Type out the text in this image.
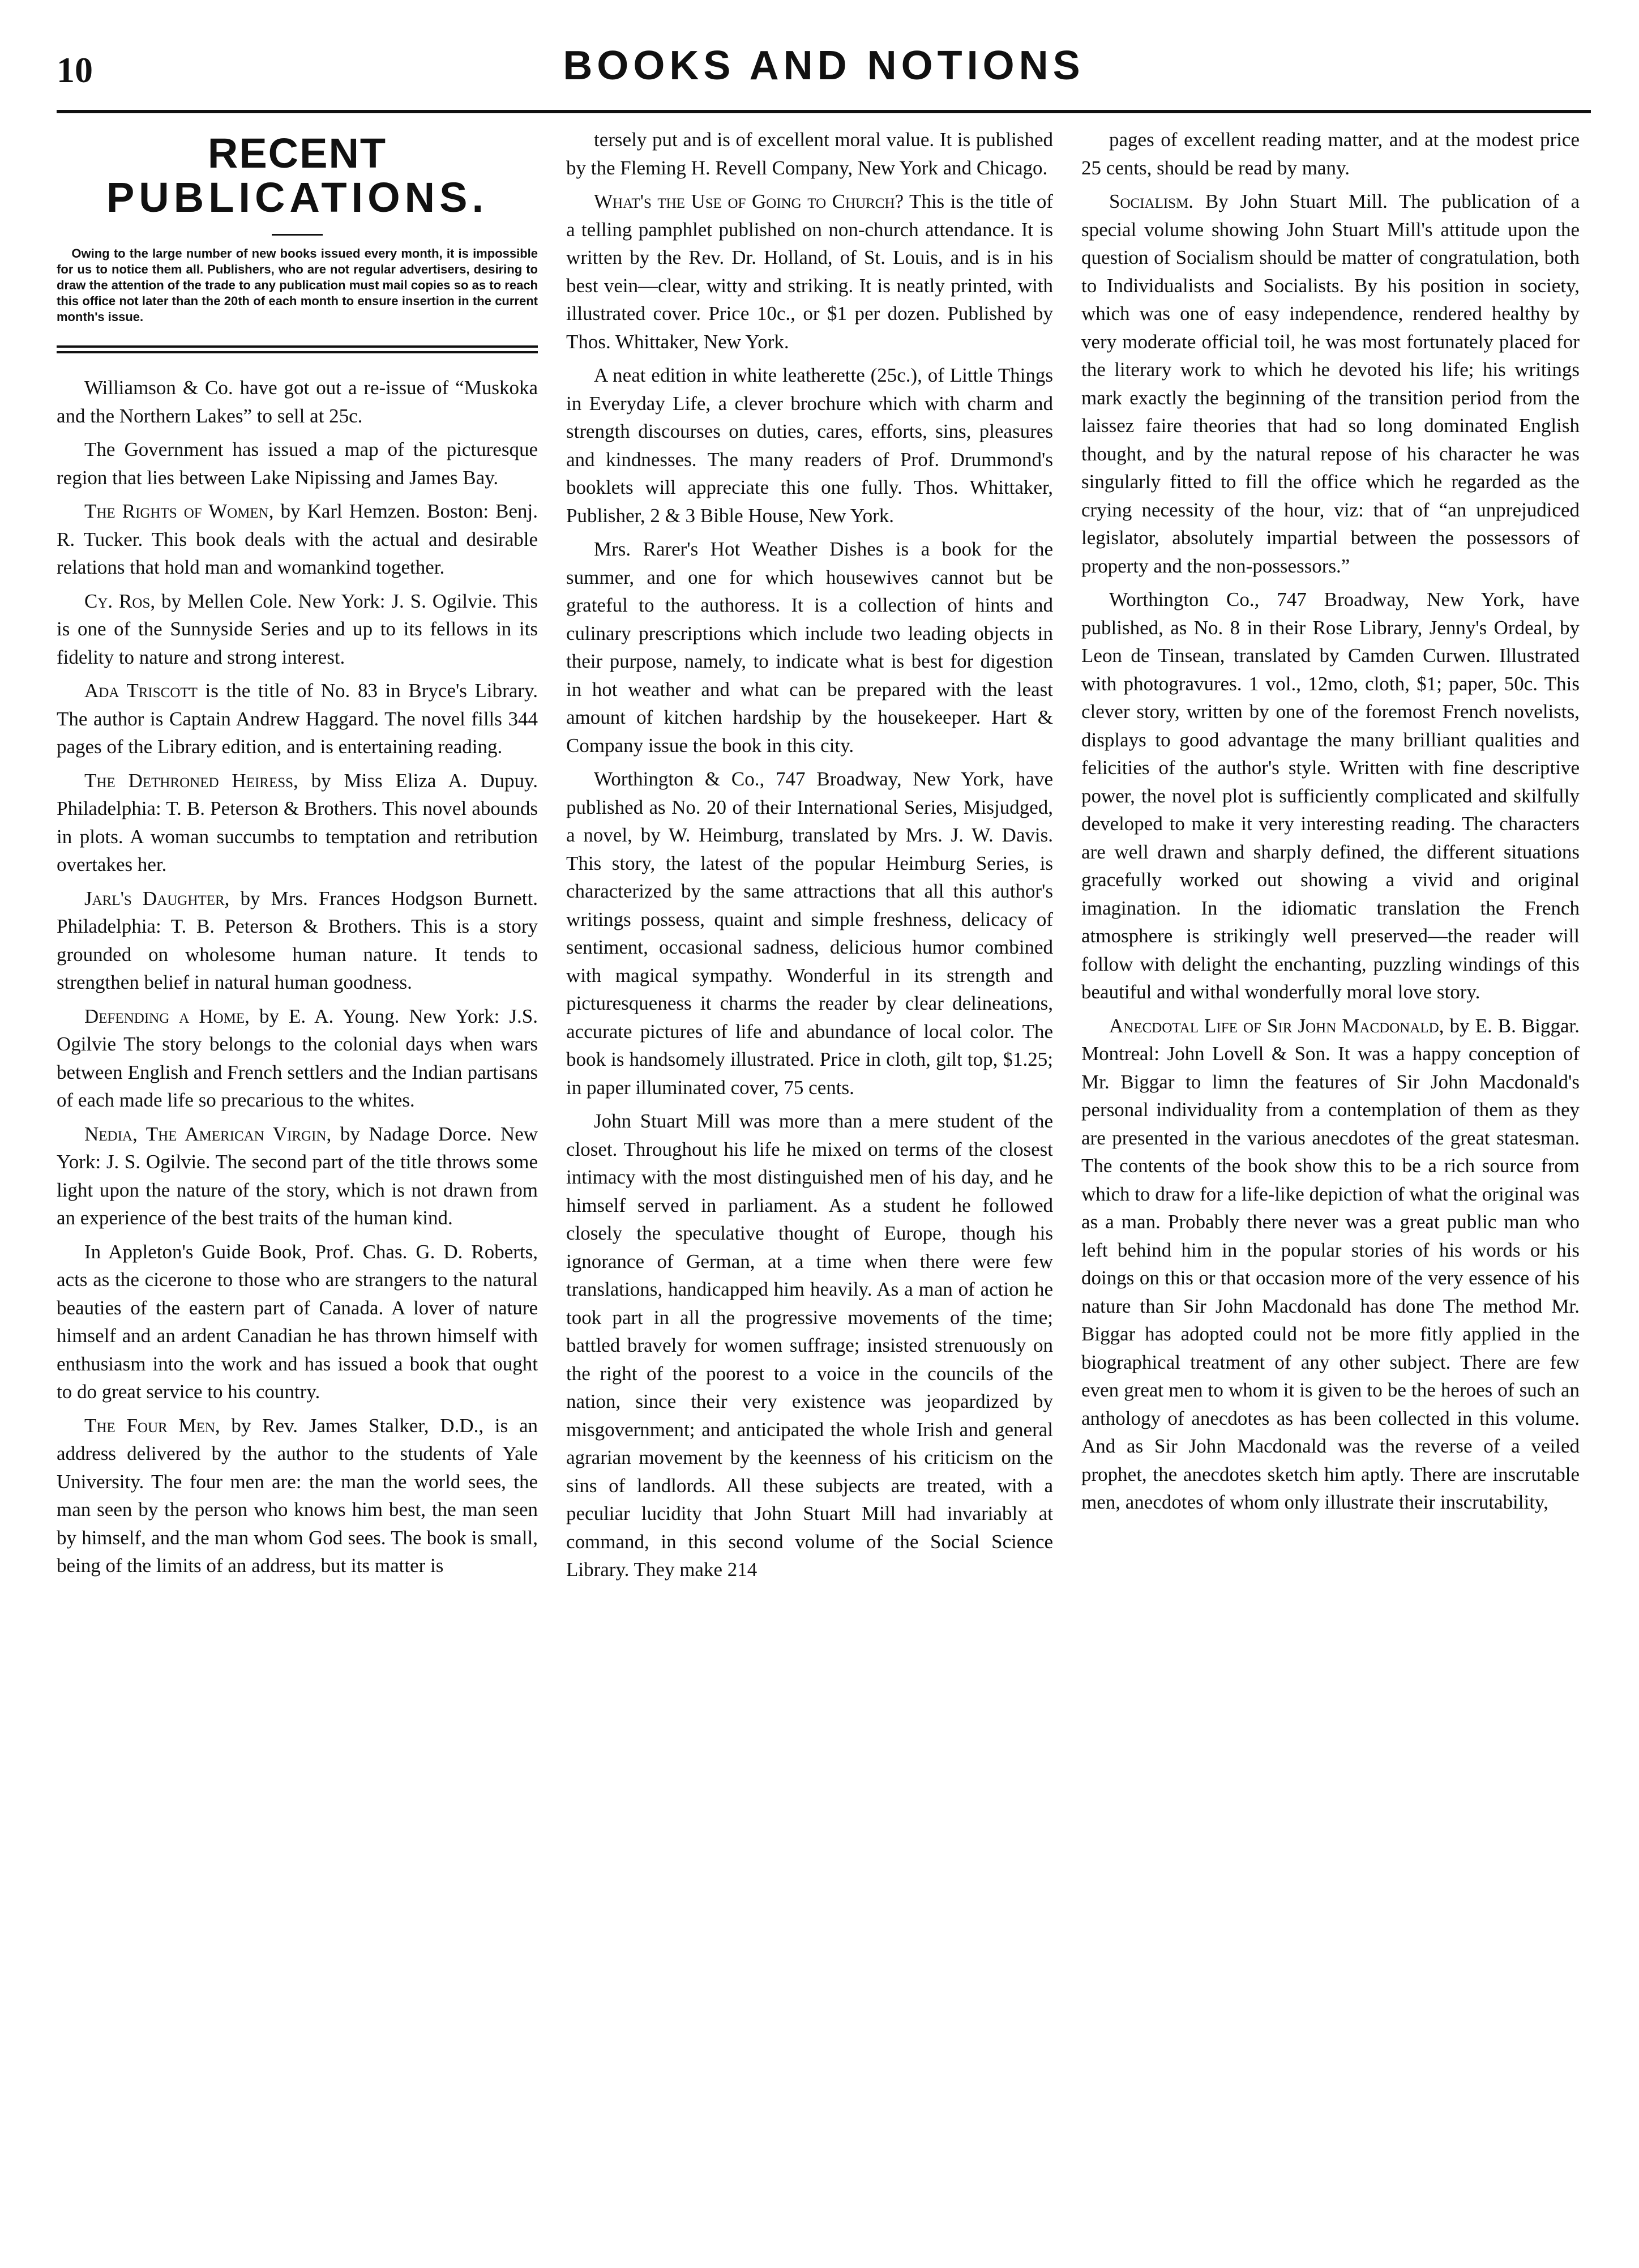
10	BOOKS AND NOTIONS
RECENT
PUBLICATIONS.
Owing to the large number of new books issued every month, it is impossible for us to notice them all. Publishers, who are not regular advertisers, desiring to draw the attention of the trade to any publication must mail copies so as to reach this office not later than the 20th of each month to ensure insertion in the current month's issue.

Williamson & Co. have got out a re-issue of “Muskoka and the Northern Lakes” to sell at 25c.

The Government has issued a map of the picturesque region that lies between Lake Nipissing and James Bay.

The Rights of Women, by Karl Hemzen. Boston: Benj. R. Tucker. This book deals with the actual and desirable relations that hold man and womankind together.

Cy. Ros, by Mellen Cole. New York: J. S. Ogilvie. This is one of the Sunnyside Series and up to its fellows in its fidelity to nature and strong interest.

Ada Triscott is the title of No. 83 in Bryce's Library. The author is Captain Andrew Haggard. The novel fills 344 pages of the Library edition, and is entertaining reading.

The Dethroned Heiress, by Miss Eliza A. Dupuy. Philadelphia: T. B. Peterson & Brothers. This novel abounds in plots. A woman succumbs to temptation and retribution overtakes her.

Jarl's Daughter, by Mrs. Frances Hodgson Burnett. Philadelphia: T. B. Peterson & Brothers. This is a story grounded on wholesome human nature. It tends to strengthen belief in natural human goodness.

Defending a Home, by E. A. Young. New York: J.S. Ogilvie The story belongs to the colonial days when wars between English and French settlers and the Indian partisans of each made life so precarious to the whites.

Nedia, The American Virgin, by Nadage Dorce. New York: J. S. Ogilvie. The second part of the title throws some light upon the nature of the story, which is not drawn from an experience of the best traits of the human kind.

In Appleton's Guide Book, Prof. Chas. G. D. Roberts, acts as the cicerone to those who are strangers to the natural beauties of the eastern part of Canada. A lover of nature himself and an ardent Canadian he has thrown himself with enthusiasm into the work and has issued a book that ought to do great service to his country.

The Four Men, by Rev. James Stalker, D.D., is an address delivered by the author to the students of Yale University. The four men are: the man the world sees, the man seen by the person who knows him best, the man seen by himself, and the man whom God sees. The book is small, being of the limits of an address, but its matter is

tersely put and is of excellent moral value. It is published by the Fleming H. Revell Company, New York and Chicago.

What's the Use of Going to Church? This is the title of a telling pamphlet published on non-church attendance. It is written by the Rev. Dr. Holland, of St. Louis, and is in his best vein—clear, witty and striking. It is neatly printed, with illustrated cover. Price 10c., or $1 per dozen. Published by Thos. Whittaker, New York.

A neat edition in white leatherette (25c.), of Little Things in Everyday Life, a clever brochure which with charm and strength discourses on duties, cares, efforts, sins, pleasures and kindnesses. The many readers of Prof. Drummond's booklets will appreciate this one fully. Thos. Whittaker, Publisher, 2 & 3 Bible House, New York.

Mrs. Rarer's Hot Weather Dishes is a book for the summer, and one for which housewives cannot but be grateful to the authoress. It is a collection of hints and culinary prescriptions which include two leading objects in their purpose, namely, to indicate what is best for digestion in hot weather and what can be prepared with the least amount of kitchen hardship by the housekeeper. Hart & Company issue the book in this city.

Worthington & Co., 747 Broadway, New York, have published as No. 20 of their International Series, Misjudged, a novel, by W. Heimburg, translated by Mrs. J. W. Davis. This story, the latest of the popular Heimburg Series, is characterized by the same attractions that all this author's writings possess, quaint and simple freshness, delicacy of sentiment, occasional sadness, delicious humor combined with magical sympathy. Wonderful in its strength and picturesqueness it charms the reader by clear delineations, accurate pictures of life and abundance of local color. The book is handsomely illustrated. Price in cloth, gilt top, $1.25; in paper illuminated cover, 75 cents.

John Stuart Mill was more than a mere student of the closet. Throughout his life he mixed on terms of the closest intimacy with the most distinguished men of his day, and he himself served in parliament. As a student he followed closely the speculative thought of Europe, though his ignorance of German, at a time when there were few translations, handicapped him heavily. As a man of action he took part in all the progressive movements of the time; battled bravely for women suffrage; insisted strenuously on the right of the poorest to a voice in the councils of the nation, since their very existence was jeopardized by misgovernment; and anticipated the whole Irish and general agrarian movement by the keenness of his criticism on the sins of landlords. All these subjects are treated, with a peculiar lucidity that John Stuart Mill had invariably at command, in this second volume of the Social Science Library. They make 214

pages of excellent reading matter, and at the modest price 25 cents, should be read by many.

Socialism. By John Stuart Mill. The publication of a special volume showing John Stuart Mill's attitude upon the question of Socialism should be matter of congratulation, both to Individualists and Socialists. By his position in society, which was one of easy independence, rendered healthy by very moderate official toil, he was most fortunately placed for the literary work to which he devoted his life; his writings mark exactly the beginning of the transition period from the laissez faire theories that had so long dominated English thought, and by the natural repose of his character he was singularly fitted to fill the office which he regarded as the crying necessity of the hour, viz: that of “an unprejudiced legislator, absolutely impartial between the possessors of property and the non-possessors.”

Worthington Co., 747 Broadway, New York, have published, as No. 8 in their Rose Library, Jenny's Ordeal, by Leon de Tinsean, translated by Camden Curwen. Illustrated with photogravures. 1 vol., 12mo, cloth, $1; paper, 50c. This clever story, written by one of the foremost French novelists, displays to good advantage the many brilliant qualities and felicities of the author's style. Written with fine descriptive power, the novel plot is sufficiently complicated and skilfully developed to make it very interesting reading. The characters are well drawn and sharply defined, the different situations gracefully worked out showing a vivid and original imagination. In the idiomatic translation the French atmosphere is strikingly well preserved—the reader will follow with delight the enchanting, puzzling windings of this beautiful and withal wonderfully moral love story.

Anecdotal Life of Sir John Macdonald, by E. B. Biggar. Montreal: John Lovell & Son. It was a happy conception of Mr. Biggar to limn the features of Sir John Macdonald's personal individuality from a contemplation of them as they are presented in the various anecdotes of the great statesman. The contents of the book show this to be a rich source from which to draw for a life-like depiction of what the original was as a man. Probably there never was a great public man who left behind him in the popular stories of his words or his doings on this or that occasion more of the very essence of his nature than Sir John Macdonald has done The method Mr. Biggar has adopted could not be more fitly applied in the biographical treatment of any other subject. There are few even great men to whom it is given to be the heroes of such an anthology of anecdotes as has been collected in this volume. And as Sir John Macdonald was the reverse of a veiled prophet, the anecdotes sketch him aptly. There are inscrutable men, anecdotes of whom only illustrate their inscrutability,
